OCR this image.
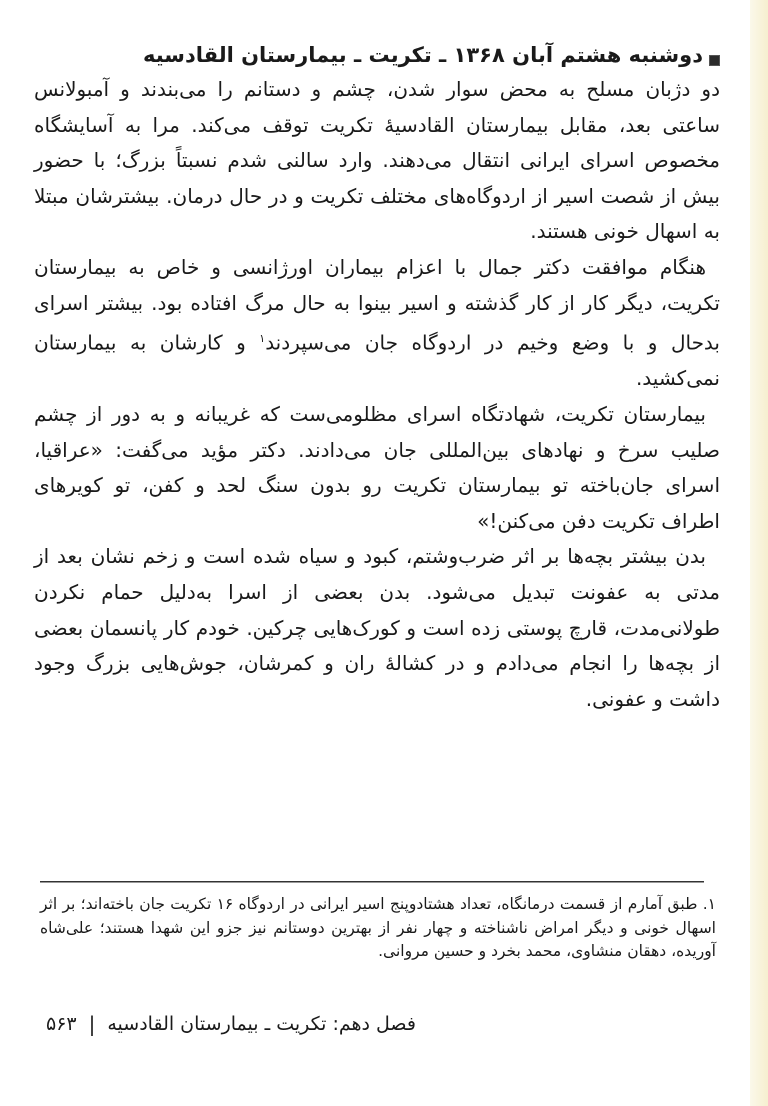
دوشنبه هشتم آبان ۱۳۶۸ ـ تکریت ـ بیمارستان القادسیه

دو دژبان مسلح به محض سوار شدن، چشم و دستانم را می‌بندند و آمبولانس ساعتی بعد، مقابل بیمارستان القادسیهٔ تکریت توقف می‌کند. مرا به آسایشگاه مخصوص اسرای ایرانی انتقال می‌دهند. وارد سالنی شدم نسبتاً بزرگ؛ با حضور بیش از شصت اسیر از اردوگاه‌های مختلف تکریت و در حال درمان. بیشترشان مبتلا به اسهال خونی هستند.

هنگام موافقت دکتر جمال با اعزام بیماران اورژانسی و خاص به بیمارستان تکریت، دیگر کار از کار گذشته و اسیر بینوا به حال مرگ افتاده بود. بیشتر اسرای بدحال و با وضع وخیم در اردوگاه جان می‌سپردند$^۱$ و کارشان به بیمارستان نمی‌کشید.

بیمارستان تکریت، شهادتگاه اسرای مظلومی‌ست که غریبانه و به دور از چشم صلیب سرخ و نهادهای بین‌المللی جان می‌دادند. دکتر مؤید می‌گفت: «عراقیا، اسرای جان‌باخته تو بیمارستان تکریت رو بدون سنگ لحد و کفن، تو کویرهای اطراف تکریت دفن می‌کنن!»

بدن بیشتر بچه‌ها بر اثر ضرب‌وشتم، کبود و سیاه شده است و زخم نشان بعد از مدتی به عفونت تبدیل می‌شود. بدن بعضی از اسرا به‌دلیل حمام نکردن طولانی‌مدت، قارچ پوستی زده است و کورک‌هایی چرکین. خودم کار پانسمان بعضی از بچه‌ها را انجام می‌دادم و در کشالهٔ ران و کمرشان، جوش‌هایی بزرگ وجود داشت و عفونی.

۱. طبق آمارم از قسمت درمانگاه، تعداد هشتادوپنج اسیر ایرانی در اردوگاه ۱۶ تکریت جان باخته‌اند؛ بر اثر اسهال خونی و دیگر امراض ناشناخته و چهار نفر از بهترین دوستانم نیز جزو این شهدا هستند؛ علی‌شاه آوریده، دهقان منشاوی، محمد بخرد و حسین مروانی.
فصل دهم: تکریت ـ بیمارستان القادسیه
|
۵۶۳
